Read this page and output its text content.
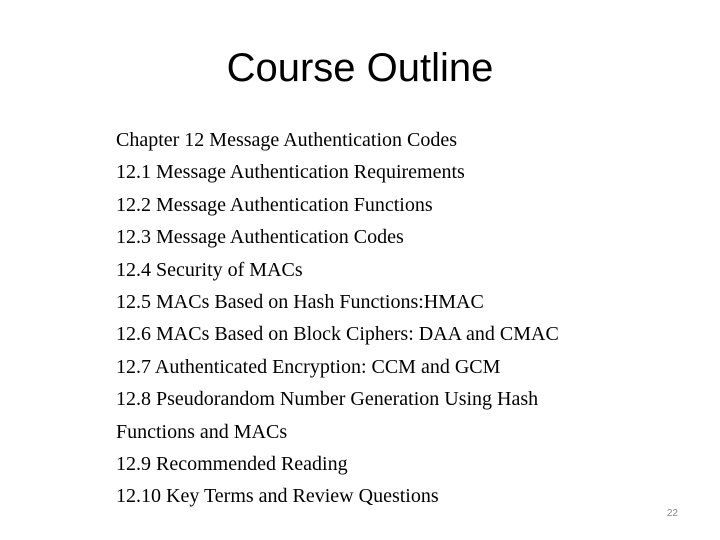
Course Outline
Chapter 12 Message Authentication Codes
12.1 Message Authentication Requirements
12.2 Message Authentication Functions
12.3 Message Authentication Codes
12.4 Security of MACs
12.5 MACs Based on Hash Functions:HMAC
12.6 MACs Based on Block Ciphers: DAA and CMAC
12.7 Authenticated Encryption: CCM and GCM
12.8 Pseudorandom Number Generation Using Hash Functions and MACs
12.9 Recommended Reading
12.10 Key Terms and Review Questions
22
